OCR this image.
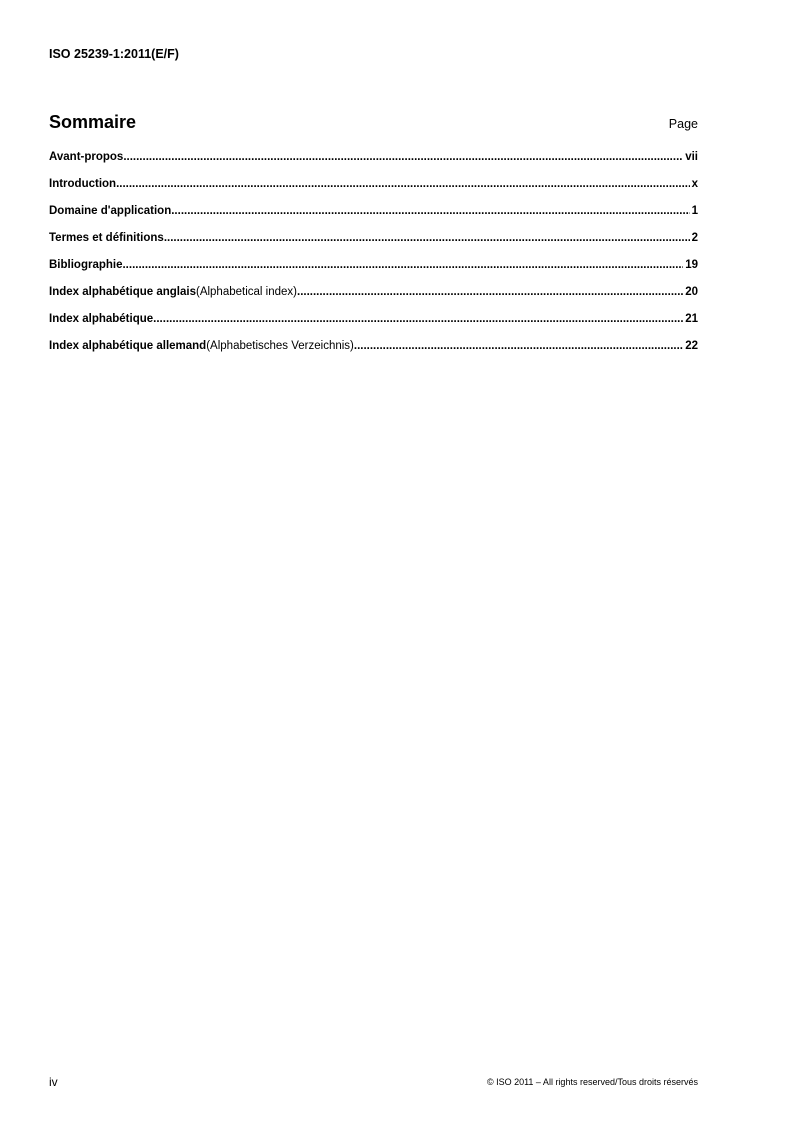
ISO 25239-1:2011(E/F)
Sommaire	Page
Avant-propos .....	vii
Introduction .....	x
Domaine d'application .....	1
Termes et définitions .....	2
Bibliographie .....	19
Index alphabétique anglais (Alphabetical index) .....	20
Index alphabétique .....	21
Index alphabétique allemand (Alphabetisches Verzeichnis) .....	22
iv	© ISO 2011 – All rights reserved/Tous droits réservés
